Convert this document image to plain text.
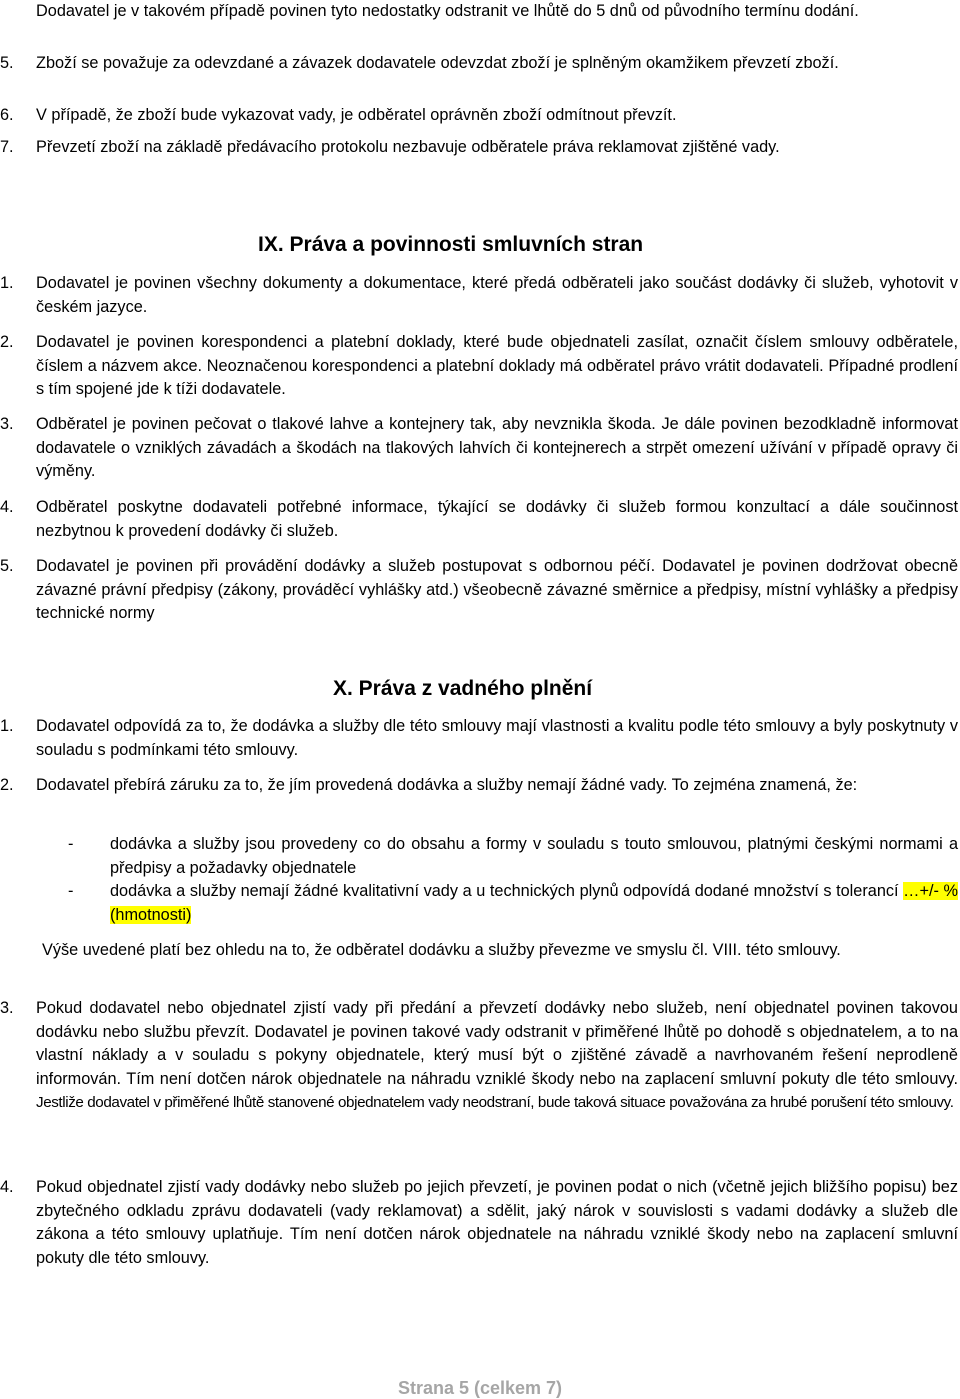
Dodavatel je v takovém případě povinen tyto nedostatky odstranit ve lhůtě do 5 dnů od původního termínu dodání.
5.	Zboží se považuje za odevzdané a závazek dodavatele odevzdat zboží je splněným okamžikem převzetí zboží.
6.	V případě, že zboží bude vykazovat vady, je odběratel oprávněn zboží odmítnout převzít.
7.	Převzetí zboží na základě předávacího protokolu nezbavuje odběratele práva reklamovat zjištěné vady.
IX. Práva a povinnosti smluvních stran
1.	Dodavatel je povinen všechny dokumenty a dokumentace, které předá odběrateli jako součást dodávky či služeb, vyhotovit v českém jazyce.
2.	Dodavatel je povinen korespondenci a platební doklady, které bude objednateli zasílat, označit číslem smlouvy odběratele, číslem a názvem akce. Neoznačenou korespondenci a platební doklady má odběratel právo vrátit dodavateli. Případné prodlení s tím spojené jde k tíži dodavatele.
3.	Odběratel je povinen pečovat o tlakové lahve a kontejnery tak, aby nevznikla škoda. Je dále povinen bezodkladně informovat dodavatele o vzniklých závadách a škodách na tlakových lahvích či kontejnerech a strpět omezení užívání v případě opravy či výměny.
4.	Odběratel poskytne dodavateli potřebné informace, týkající se dodávky či služeb formou konzultací a dále součinnost nezbytnou k provedení dodávky či služeb.
5.	Dodavatel je povinen při provádění dodávky a služeb postupovat s odbornou péčí. Dodavatel je povinen dodržovat obecně závazné právní předpisy (zákony, prováděcí vyhlášky atd.) všeobecně závazné směrnice a předpisy, místní vyhlášky a předpisy technické normy
X. Práva z vadného plnění
1.	Dodavatel odpovídá za to, že dodávka a služby dle této smlouvy mají vlastnosti a kvalitu podle této smlouvy a byly poskytnuty v souladu s podmínkami této smlouvy.
2.	Dodavatel přebírá záruku za to, že jím provedená dodávka a služby nemají žádné vady. To zejména znamená, že:
-	dodávka a služby jsou provedeny co do obsahu a formy v souladu s touto smlouvou, platnými českými normami a předpisy a požadavky objednatele
-	dodávka a služby nemají žádné kvalitativní vady a u technických plynů odpovídá dodané množství s tolerancí …+/- % (hmotnosti)
Výše uvedené platí bez ohledu na to, že odběratel dodávku a služby převezme ve smyslu čl. VIII. této smlouvy.
3.	Pokud dodavatel nebo objednatel zjistí vady při předání a převzetí dodávky nebo služeb, není objednatel povinen takovou dodávku nebo službu převzít. Dodavatel je povinen takové vady odstranit v přiměřené lhůtě po dohodě s objednatelem, a to na vlastní náklady a v souladu s pokyny objednatele, který musí být o zjištěné závadě a navrhovaném řešení neprodleně informován. Tím není dotčen nárok objednatele na náhradu vzniklé škody nebo na zaplacení smluvní pokuty dle této smlouvy. Jestliže dodavatel v přiměřené lhůtě stanovené objednatelem vady neodstraní, bude taková situace považována za hrubé porušení této smlouvy.
4.	Pokud objednatel zjistí vady dodávky nebo služeb po jejich převzetí, je povinen podat o nich (včetně jejich bližšího popisu) bez zbytečného odkladu zprávu dodavateli (vady reklamovat) a sdělit, jaký nárok v souvislosti s vadami dodávky a služeb dle zákona a této smlouvy uplatňuje. Tím není dotčen nárok objednatele na náhradu vzniklé škody nebo na zaplacení smluvní pokuty dle této smlouvy.
Strana 5 (celkem 7)
